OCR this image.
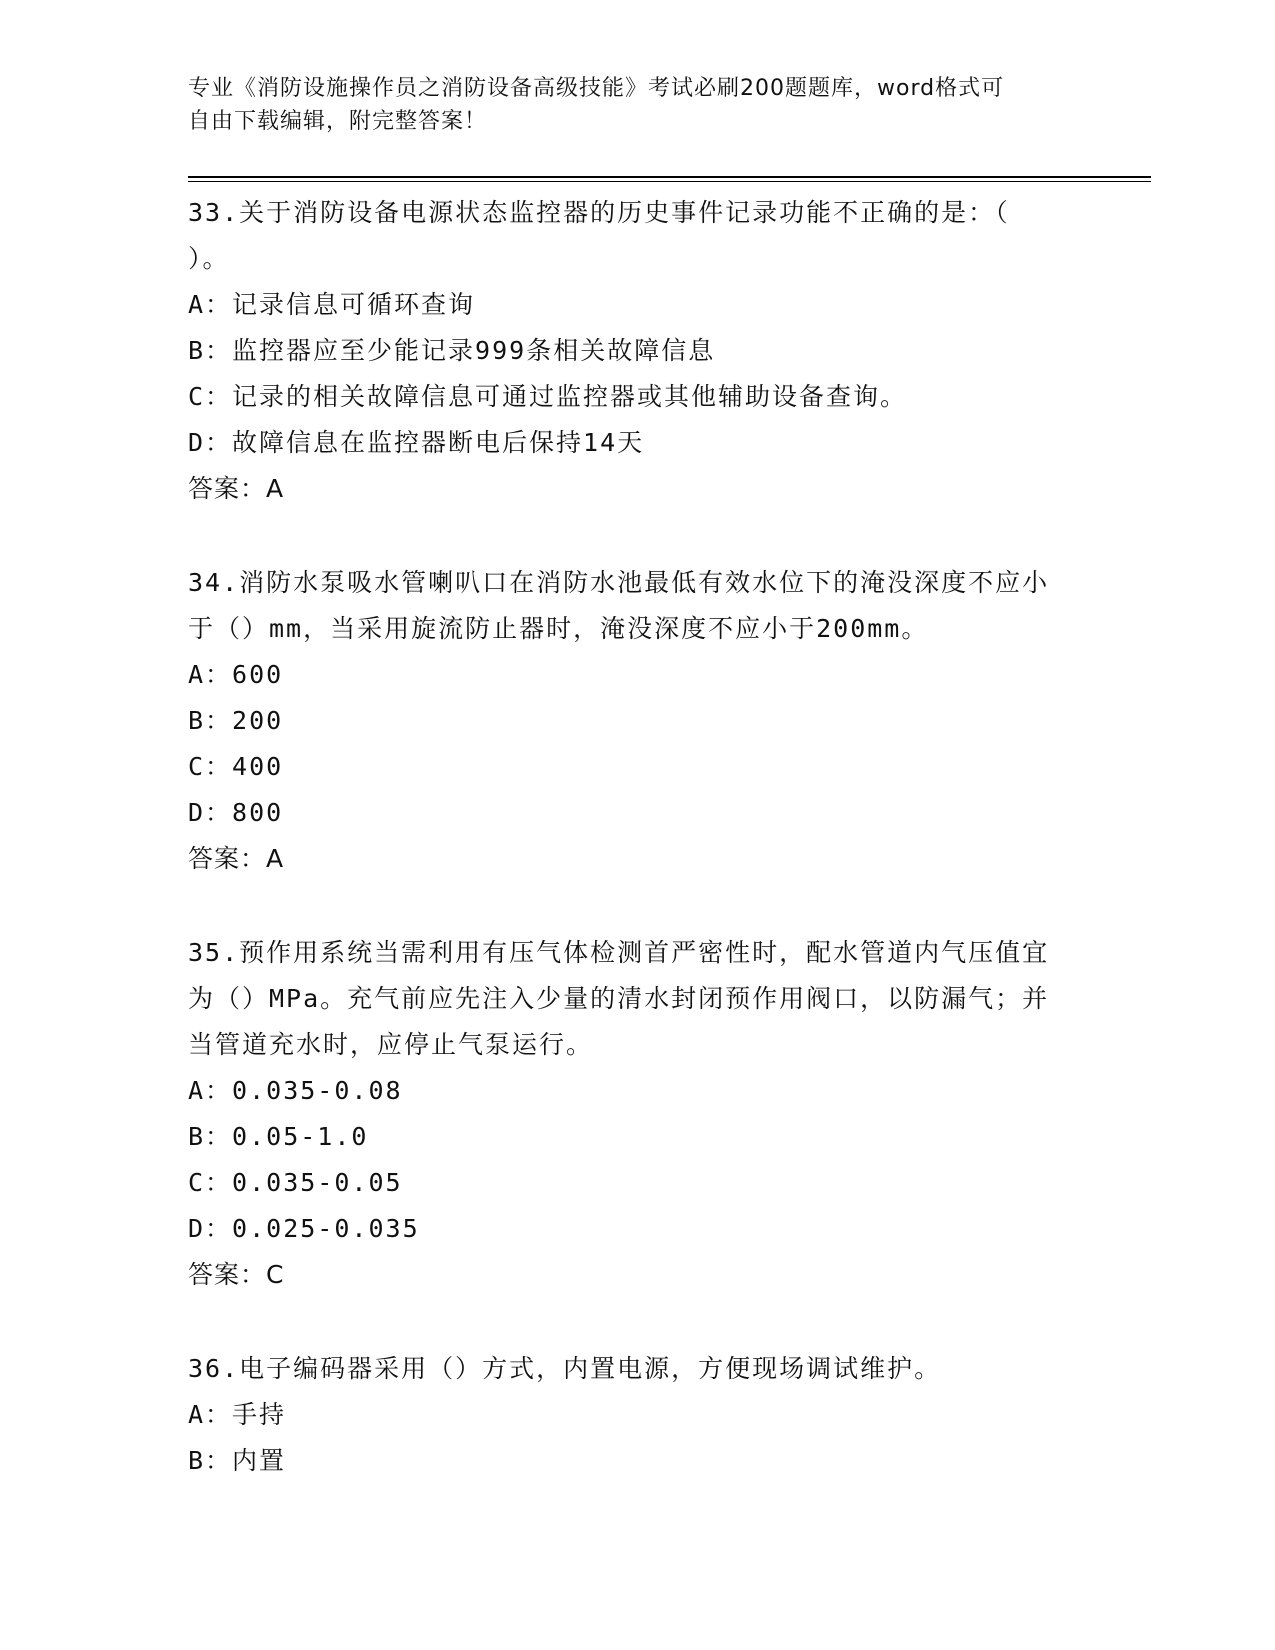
专业《消防设施操作员之消防设备高级技能》考试必刷200题题库，word格式可
自由下载编辑，附完整答案！

33.关于消防设备电源状态监控器的历史事件记录功能不正确的是：（ ）。

A：记录信息可循环查询

B：监控器应至少能记录999条相关故障信息

C：记录的相关故障信息可通过监控器或其他辅助设备查询。

D：故障信息在监控器断电后保持14天

答案：A

34.消防水泵吸水管喇叭口在消防水池最低有效水位下的淹没深度不应小于（）mm，当采用旋流防止器时，淹没深度不应小于200mm。

A：600

B：200

C：400

D：800

答案：A

35.预作用系统当需利用有压气体检测首严密性时，配水管道内气压值宜为（）MPa。充气前应先注入少量的清水封闭预作用阀口，以防漏气；并当管道充水时，应停止气泵运行。

A：0.035-0.08

B：0.05-1.0

C：0.035-0.05

D：0.025-0.035

答案：C

36.电子编码器采用（）方式，内置电源，方便现场调试维护。

A：手持

B：内置
